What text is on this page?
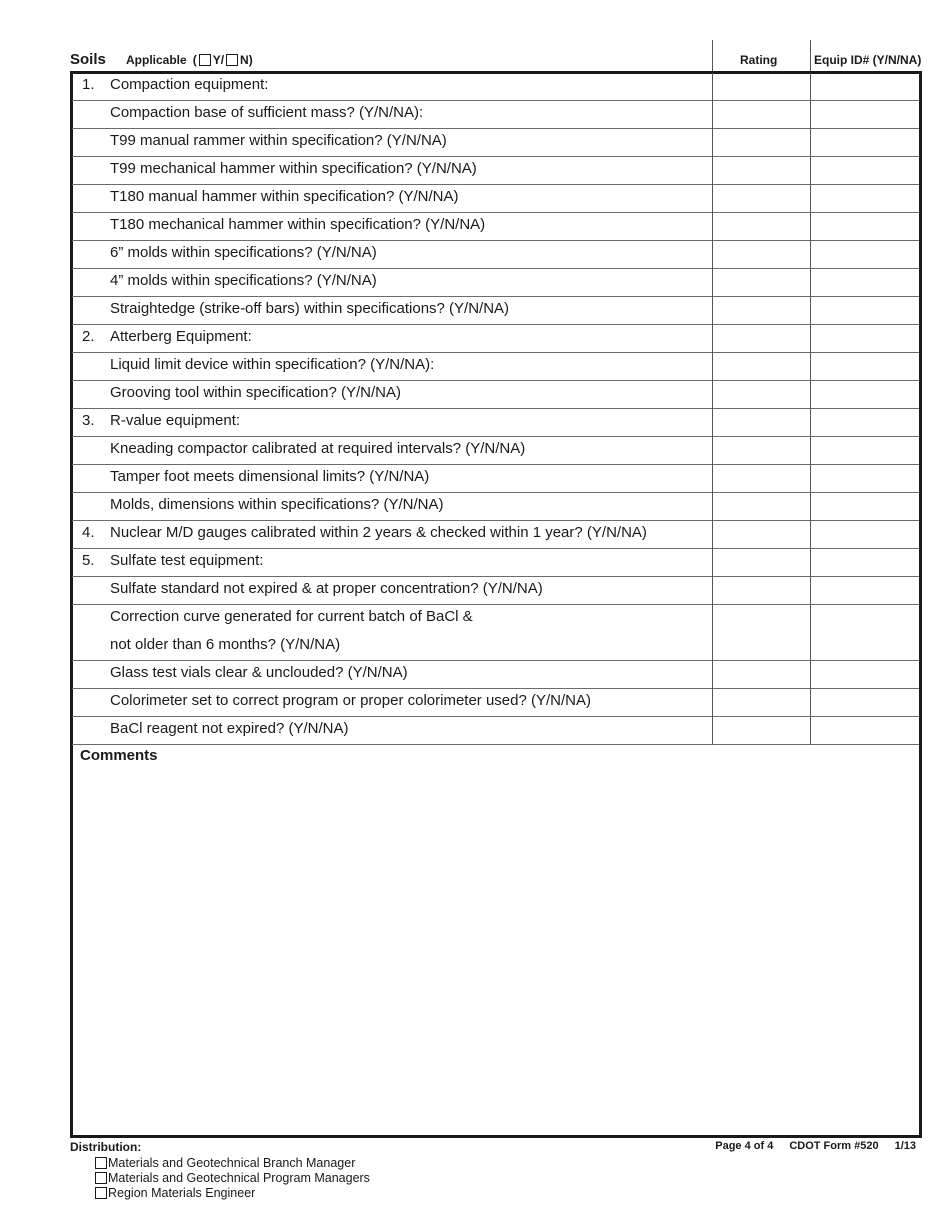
Soils Applicable ( Y/ N)	Rating	Equip ID# (Y/N/NA)
1. Compaction equipment:
Compaction base of sufficient mass? (Y/N/NA):
T99 manual rammer within specification? (Y/N/NA)
T99 mechanical hammer within specification? (Y/N/NA)
T180 manual hammer within specification? (Y/N/NA)
T180 mechanical hammer within specification? (Y/N/NA)
6” molds within specifications? (Y/N/NA)
4” molds within specifications? (Y/N/NA)
Straightedge (strike-off bars) within specifications? (Y/N/NA)
2. Atterberg Equipment:
Liquid limit device within specification? (Y/N/NA):
Grooving tool within specification? (Y/N/NA)
3. R-value equipment:
Kneading compactor calibrated at required intervals? (Y/N/NA)
Tamper foot meets dimensional limits? (Y/N/NA)
Molds, dimensions within specifications? (Y/N/NA)
4. Nuclear M/D gauges calibrated within 2 years & checked within 1 year? (Y/N/NA)
5. Sulfate test equipment:
Sulfate standard not expired & at proper concentration? (Y/N/NA)
Correction curve generated for current batch of BaCl &
not older than 6 months? (Y/N/NA)
Glass test vials clear & unclouded? (Y/N/NA)
Colorimeter set to correct program or proper colorimeter used? (Y/N/NA)
BaCl reagent not expired? (Y/N/NA)
Comments
Distribution:
Materials and Geotechnical Branch Manager
Materials and Geotechnical Program Managers
Region Materials Engineer
Page 4 of 4 CDOT Form #520 1/13
